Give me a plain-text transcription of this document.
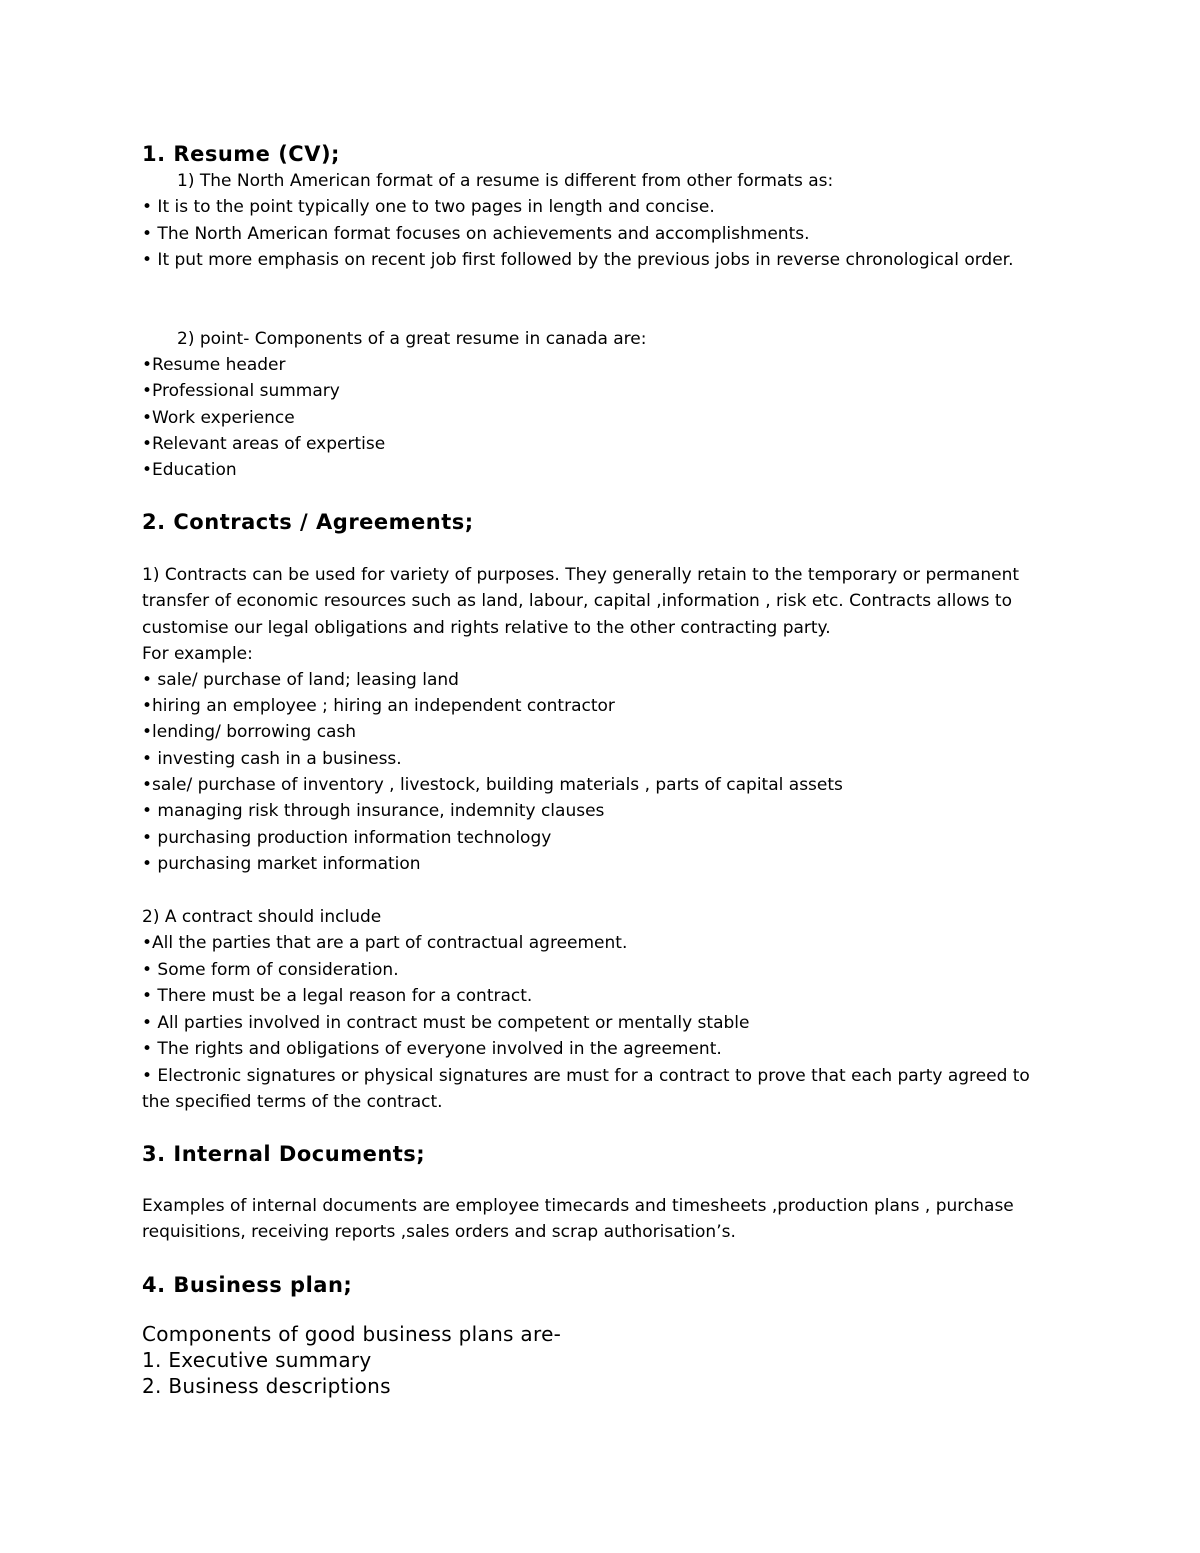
1. Resume (CV);
1) The North American format of a resume is different from other formats as:
• It is to the point typically one to two pages in length and concise.
• The North American format focuses on achievements and accomplishments.
• It put more emphasis on recent job first followed by the previous jobs in reverse chronological order.
2) point- Components of a great resume in canada are:
•Resume header
•Professional summary
•Work experience
•Relevant areas of expertise
•Education
2. Contracts / Agreements;
1) Contracts can be used for variety of purposes. They generally retain to the temporary or permanent
transfer of economic resources such as land, labour, capital ,information , risk etc. Contracts allows to
customise our legal obligations and rights relative to the other contracting party.
For example:
• sale/ purchase of land; leasing land
•hiring an employee ; hiring an independent contractor
•lending/ borrowing cash
• investing cash in a business.
•sale/ purchase of inventory , livestock, building materials , parts of capital assets
• managing risk through insurance, indemnity clauses
• purchasing production information technology
• purchasing market information
2) A contract should include
•All the parties that are a part of contractual agreement.
• Some form of consideration.
• There must be a legal reason for a contract.
• All parties involved in contract must be competent or mentally stable
• The rights and obligations of everyone involved in the agreement.
• Electronic signatures or physical signatures are must for a contract to prove that each party agreed to
the specified terms of the contract.
3. Internal Documents;
Examples of internal documents are employee timecards and timesheets ,production plans , purchase
requisitions, receiving reports ,sales orders and scrap authorisation’s.
4. Business plan;
Components of good business plans are-
1. Executive summary
2. Business descriptions
